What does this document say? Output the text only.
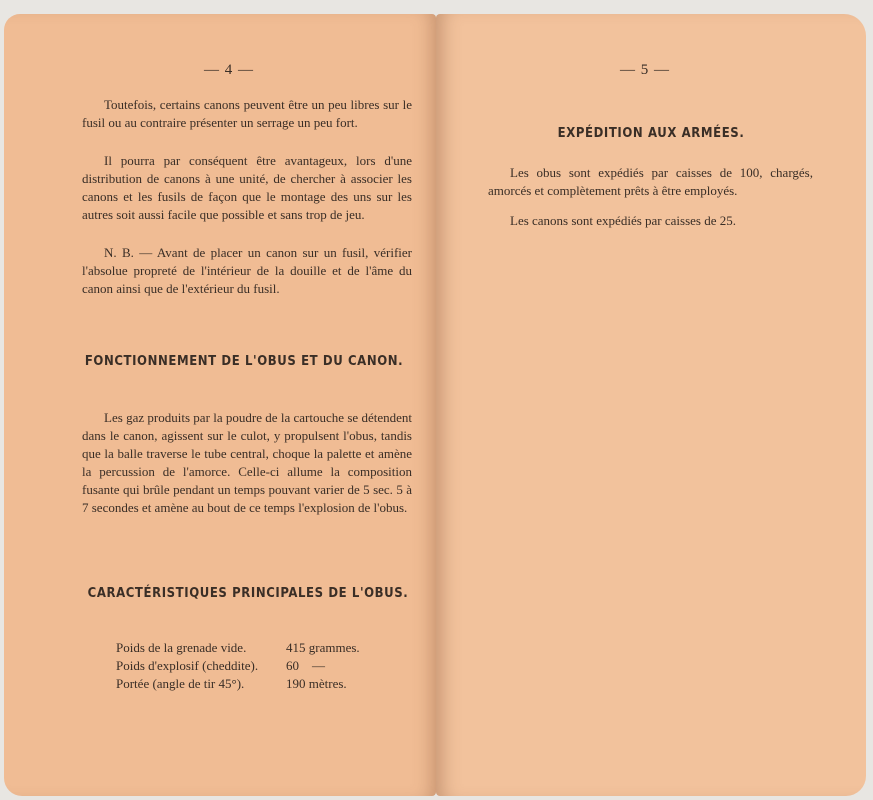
— 4 —
Toutefois, certains canons peuvent être un peu libres sur le fusil ou au contraire présenter un serrage un peu fort.
Il pourra par conséquent être avantageux, lors d'une distribution de canons à une unité, de chercher à associer les canons et les fusils de façon que le montage des uns sur les autres soit aussi facile que possible et sans trop de jeu.
N. B. — Avant de placer un canon sur un fusil, vérifier l'absolue propreté de l'intérieur de la douille et de l'âme du canon ainsi que de l'extérieur du fusil.
FONCTIONNEMENT DE L'OBUS ET DU CANON.
Les gaz produits par la poudre de la cartouche se détendent dans le canon, agissent sur le culot, y propulsent l'obus, tandis que la balle traverse le tube central, choque la palette et amène la percussion de l'amorce. Celle-ci allume la composition fusante qui brûle pendant un temps pouvant varier de 5 sec. 5 à 7 secondes et amène au bout de ce temps l'explosion de l'obus.
CARACTÉRISTIQUES PRINCIPALES DE L'OBUS.
Poids de la grenade vide.	415 grammes.
Poids d'explosif (cheddite).	60    —
Portée (angle de tir 45°).	190 mètres.
— 5 —
EXPÉDITION AUX ARMÉES.
Les obus sont expédiés par caisses de 100, chargés, amorcés et complètement prêts à être employés.
Les canons sont expédiés par caisses de 25.
